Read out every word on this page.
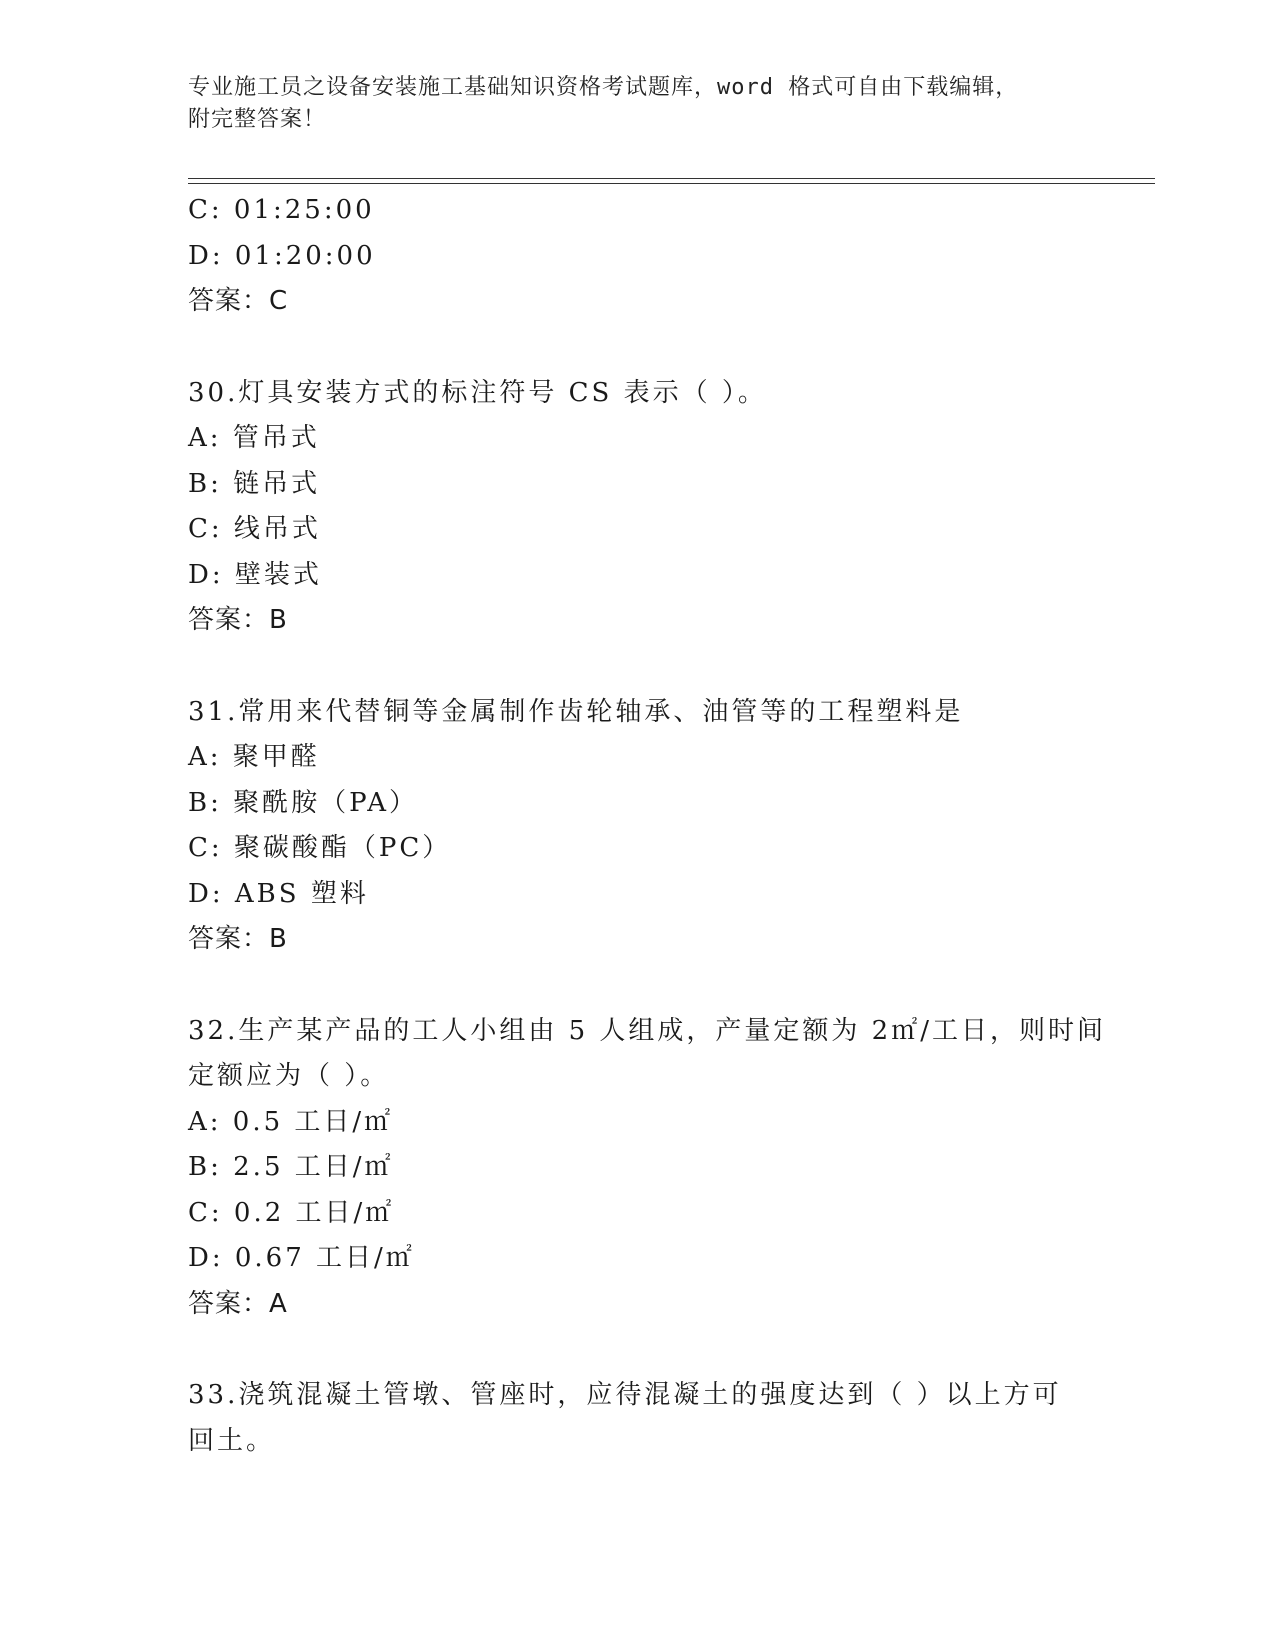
专业施工员之设备安装施工基础知识资格考试题库，word 格式可自由下载编辑，
附完整答案！
C: 01:25:00
D: 01:20:00
答案：C
30.灯具安装方式的标注符号 CS 表示（ ）。
A: 管吊式
B: 链吊式
C: 线吊式
D: 壁装式
答案：B
31.常用来代替铜等金属制作齿轮轴承、油管等的工程塑料是
A: 聚甲醛
B: 聚酰胺（PA）
C: 聚碳酸酯（PC）
D: ABS 塑料
答案：B
32.生产某产品的工人小组由 5 人组成，产量定额为 2㎡/工日，则时间
定额应为（ ）。
A: 0.5 工日/㎡
B: 2.5 工日/㎡
C: 0.2 工日/㎡
D: 0.67 工日/㎡
答案：A
33.浇筑混凝土管墩、管座时，应待混凝土的强度达到（ ）以上方可
回土。
